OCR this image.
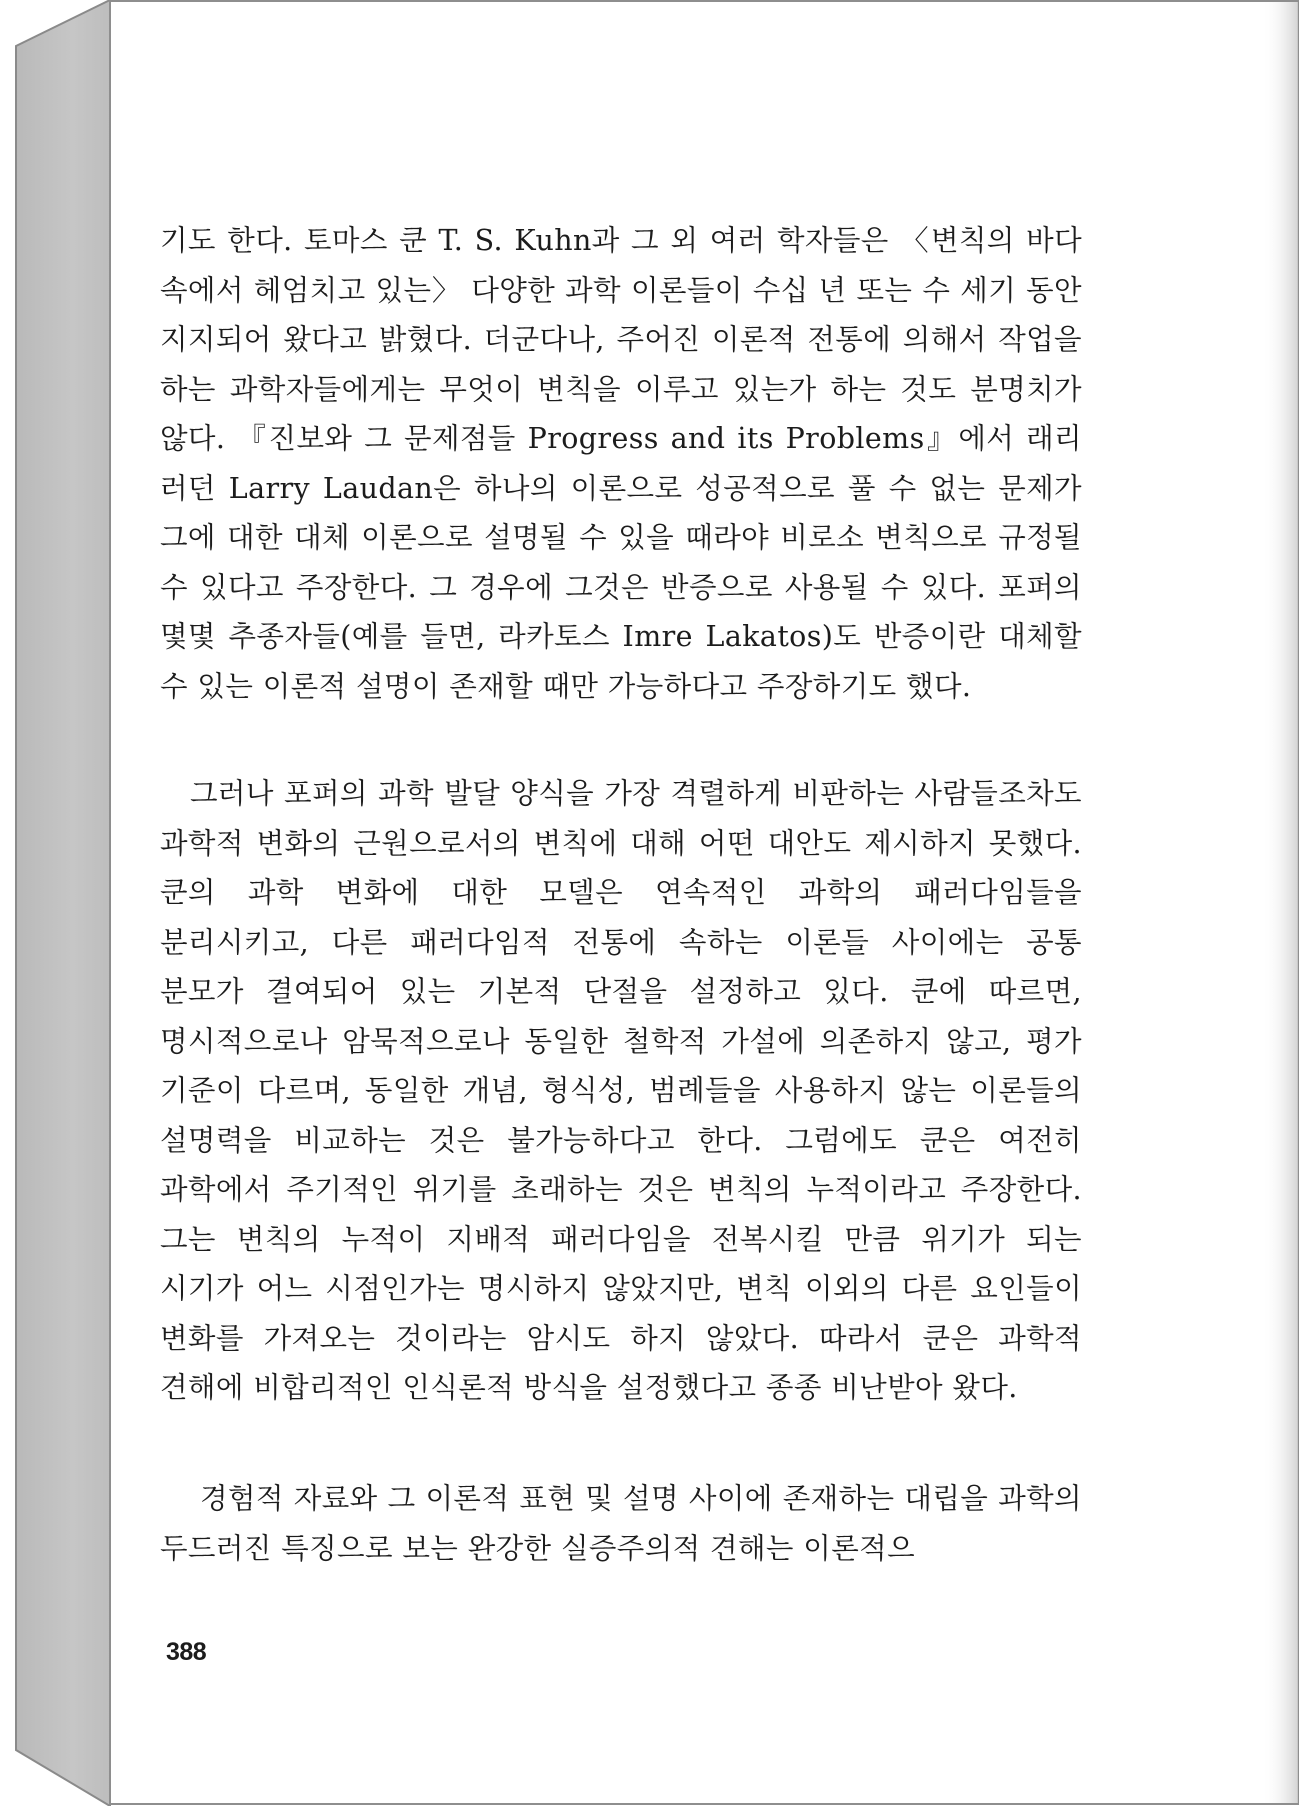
기도 한다. 토마스 쿤 T. S. Kuhn과 그 외 여러 학자들은 〈변칙의 바다 속에서 헤엄치고 있는〉 다양한 과학 이론들이 수십 년 또는 수 세기 동안 지지되어 왔다고 밝혔다. 더군다나, 주어진 이론적 전통에 의해서 작업을 하는 과학자들에게는 무엇이 변칙을 이루고 있는가 하는 것도 분명치가 않다. 『진보와 그 문제점들 Progress and its Problems』에서 래리 러던 Larry Laudan은 하나의 이론으로 성공적으로 풀 수 없는 문제가 그에 대한 대체 이론으로 설명될 수 있을 때라야 비로소 변칙으로 규정될 수 있다고 주장한다. 그 경우에 그것은 반증으로 사용될 수 있다. 포퍼의 몇몇 추종자들(예를 들면, 라카토스 Imre Lakatos)도 반증이란 대체할 수 있는 이론적 설명이 존재할 때만 가능하다고 주장하기도 했다.

그러나 포퍼의 과학 발달 양식을 가장 격렬하게 비판하는 사람들조차도 과학적 변화의 근원으로서의 변칙에 대해 어떤 대안도 제시하지 못했다. 쿤의 과학 변화에 대한 모델은 연속적인 과학의 패러다임들을 분리시키고, 다른 패러다임적 전통에 속하는 이론들 사이에는 공통 분모가 결여되어 있는 기본적 단절을 설정하고 있다. 쿤에 따르면, 명시적으로나 암묵적으로나 동일한 철학적 가설에 의존하지 않고, 평가 기준이 다르며, 동일한 개념, 형식성, 범례들을 사용하지 않는 이론들의 설명력을 비교하는 것은 불가능하다고 한다. 그럼에도 쿤은 여전히 과학에서 주기적인 위기를 초래하는 것은 변칙의 누적이라고 주장한다. 그는 변칙의 누적이 지배적 패러다임을 전복시킬 만큼 위기가 되는 시기가 어느 시점인가는 명시하지 않았지만, 변칙 이외의 다른 요인들이 변화를 가져오는 것이라는 암시도 하지 않았다. 따라서 쿤은 과학적 견해에 비합리적인 인식론적 방식을 설정했다고 종종 비난받아 왔다.

경험적 자료와 그 이론적 표현 및 설명 사이에 존재하는 대립을 과학의 두드러진 특징으로 보는 완강한 실증주의적 견해는 이론적으

388
